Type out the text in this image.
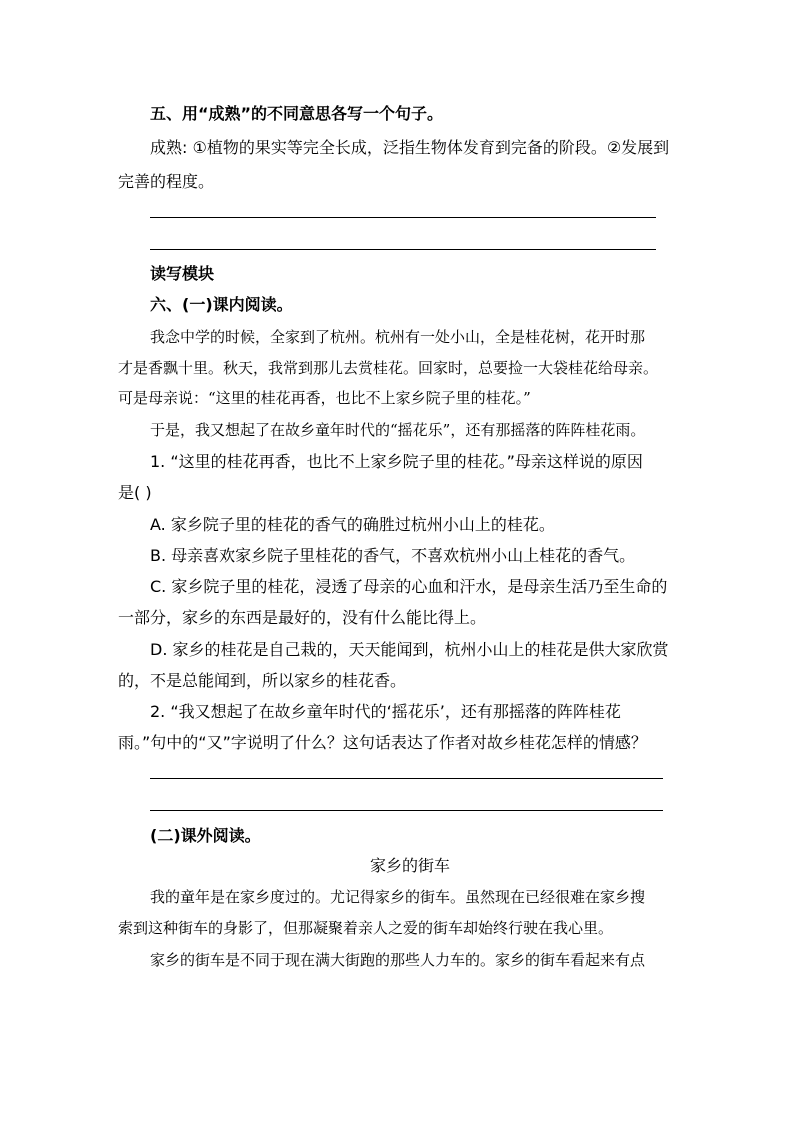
五、用“成熟”的不同意思各写一个句子。
成熟: ①植物的果实等完全长成，泛指生物体发育到完备的阶段。②发展到
完善的程度。
读写模块
六、(一)课内阅读。
我念中学的时候，全家到了杭州。杭州有一处小山，全是桂花树，花开时那
才是香飘十里。秋天，我常到那儿去赏桂花。回家时，总要捡一大袋桂花给母亲。
可是母亲说：“这里的桂花再香，也比不上家乡院子里的桂花。”
于是，我又想起了在故乡童年时代的“摇花乐”，还有那摇落的阵阵桂花雨。
1. “这里的桂花再香，也比不上家乡院子里的桂花。”母亲这样说的原因
是( )
A. 家乡院子里的桂花的香气的确胜过杭州小山上的桂花。
B. 母亲喜欢家乡院子里桂花的香气，不喜欢杭州小山上桂花的香气。
C. 家乡院子里的桂花，浸透了母亲的心血和汗水，是母亲生活乃至生命的
一部分，家乡的东西是最好的，没有什么能比得上。
D. 家乡的桂花是自己栽的，天天能闻到，杭州小山上的桂花是供大家欣赏
的，不是总能闻到，所以家乡的桂花香。
2. “我又想起了在故乡童年时代的‘摇花乐’，还有那摇落的阵阵桂花
雨。”句中的“又”字说明了什么？这句话表达了作者对故乡桂花怎样的情感？
(二)课外阅读。
家乡的街车
我的童年是在家乡度过的。尤记得家乡的街车。虽然现在已经很难在家乡搜
索到这种街车的身影了，但那凝聚着亲人之爱的街车却始终行驶在我心里。
家乡的街车是不同于现在满大街跑的那些人力车的。家乡的街车看起来有点
